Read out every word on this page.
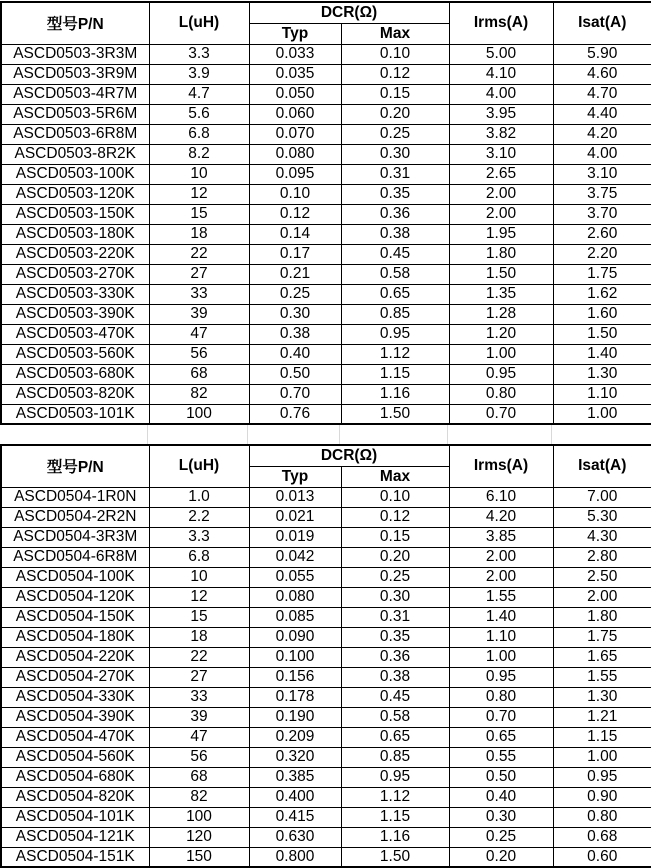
型号P/N	L(uH)	DCR(Ω)		Irms(A)	Isat(A)
		Typ	Max		
ASCD0503-3R3M	3.3	0.033	0.10	5.00	5.90
ASCD0503-3R9M	3.9	0.035	0.12	4.10	4.60
ASCD0503-4R7M	4.7	0.050	0.15	4.00	4.70
ASCD0503-5R6M	5.6	0.060	0.20	3.95	4.40
ASCD0503-6R8M	6.8	0.070	0.25	3.82	4.20
ASCD0503-8R2K	8.2	0.080	0.30	3.10	4.00
ASCD0503-100K	10	0.095	0.31	2.65	3.10
ASCD0503-120K	12	0.10	0.35	2.00	3.75
ASCD0503-150K	15	0.12	0.36	2.00	3.70
ASCD0503-180K	18	0.14	0.38	1.95	2.60
ASCD0503-220K	22	0.17	0.45	1.80	2.20
ASCD0503-270K	27	0.21	0.58	1.50	1.75
ASCD0503-330K	33	0.25	0.65	1.35	1.62
ASCD0503-390K	39	0.30	0.85	1.28	1.60
ASCD0503-470K	47	0.38	0.95	1.20	1.50
ASCD0503-560K	56	0.40	1.12	1.00	1.40
ASCD0503-680K	68	0.50	1.15	0.95	1.30
ASCD0503-820K	82	0.70	1.16	0.80	1.10
ASCD0503-101K	100	0.76	1.50	0.70	1.00
型号P/N	L(uH)	DCR(Ω)		Irms(A)	Isat(A)
		Typ	Max		
ASCD0504-1R0N	1.0	0.013	0.10	6.10	7.00
ASCD0504-2R2N	2.2	0.021	0.12	4.20	5.30
ASCD0504-3R3M	3.3	0.019	0.15	3.85	4.30
ASCD0504-6R8M	6.8	0.042	0.20	2.00	2.80
ASCD0504-100K	10	0.055	0.25	2.00	2.50
ASCD0504-120K	12	0.080	0.30	1.55	2.00
ASCD0504-150K	15	0.085	0.31	1.40	1.80
ASCD0504-180K	18	0.090	0.35	1.10	1.75
ASCD0504-220K	22	0.100	0.36	1.00	1.65
ASCD0504-270K	27	0.156	0.38	0.95	1.55
ASCD0504-330K	33	0.178	0.45	0.80	1.30
ASCD0504-390K	39	0.190	0.58	0.70	1.21
ASCD0504-470K	47	0.209	0.65	0.65	1.15
ASCD0504-560K	56	0.320	0.85	0.55	1.00
ASCD0504-680K	68	0.385	0.95	0.50	0.95
ASCD0504-820K	82	0.400	1.12	0.40	0.90
ASCD0504-101K	100	0.415	1.15	0.30	0.80
ASCD0504-121K	120	0.630	1.16	0.25	0.68
ASCD0504-151K	150	0.800	1.50	0.20	0.60
